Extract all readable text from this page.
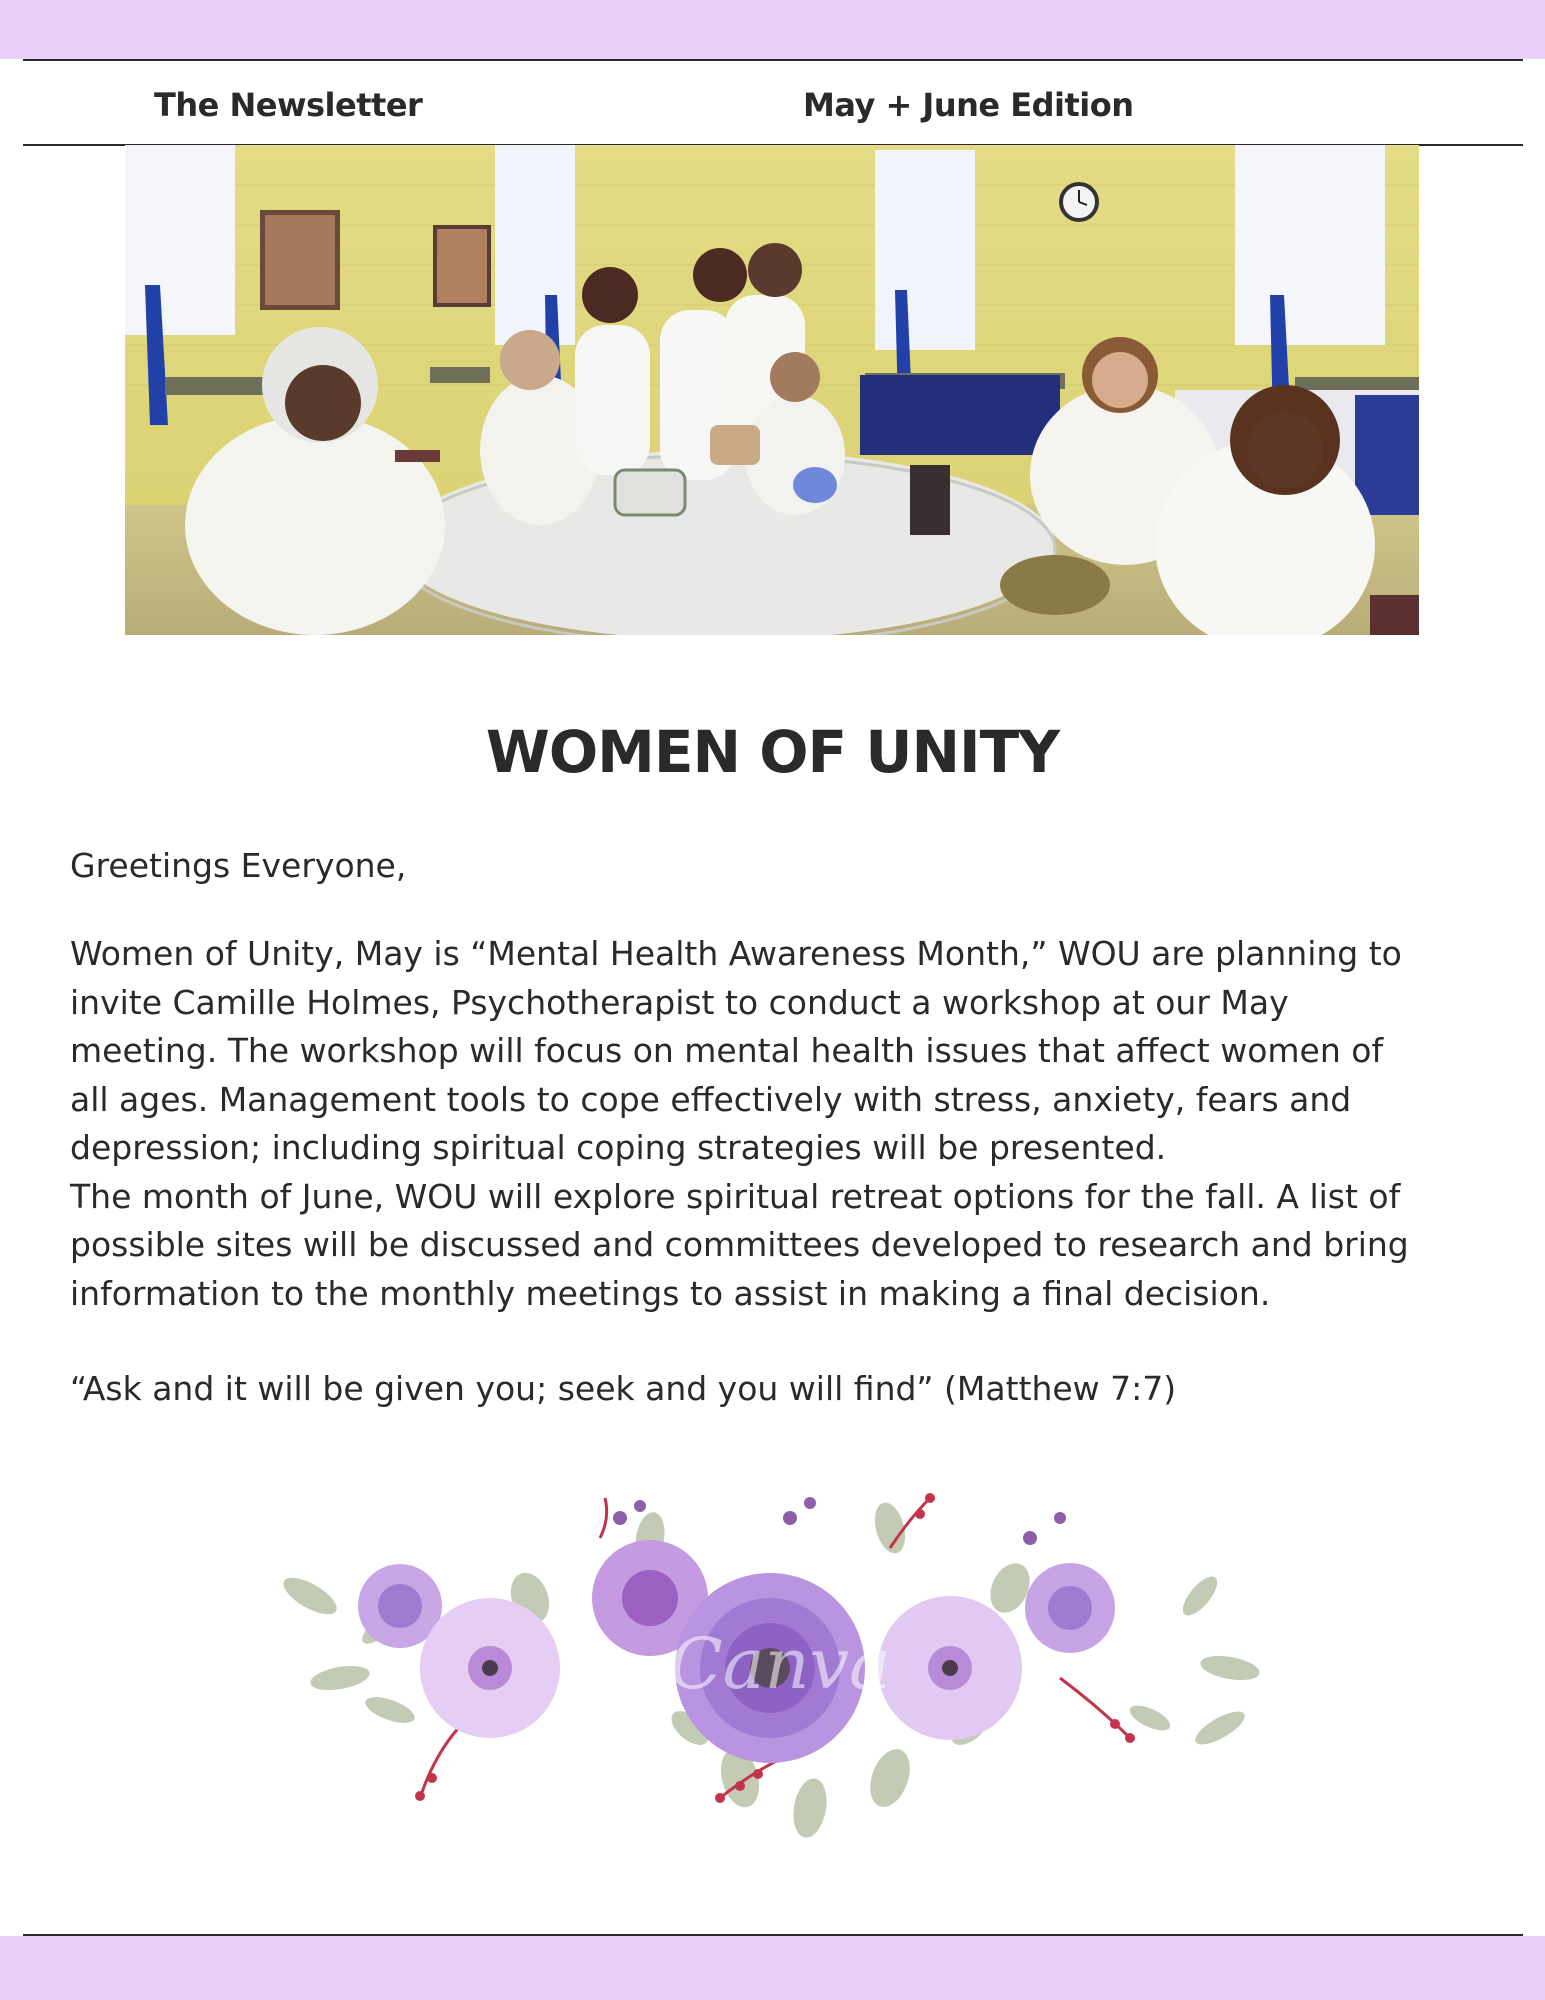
The Newsletter	May + June Edition
WOMEN OF UNITY
Greetings Everyone,
Women of Unity, May is “Mental Health Awareness Month,” WOU are planning to
invite Camille Holmes, Psychotherapist to conduct a workshop at our May
meeting. The workshop will focus on mental health issues that affect women of
all ages. Management tools to cope effectively with stress, anxiety, fears and
depression; including spiritual coping strategies will be presented.
The month of June, WOU will explore spiritual retreat options for the fall. A list of
possible sites will be discussed and committees developed to research and bring
information to the monthly meetings to assist in making a final decision.
“Ask and it will be given you; seek and you will find” (Matthew 7:7)
Canva
